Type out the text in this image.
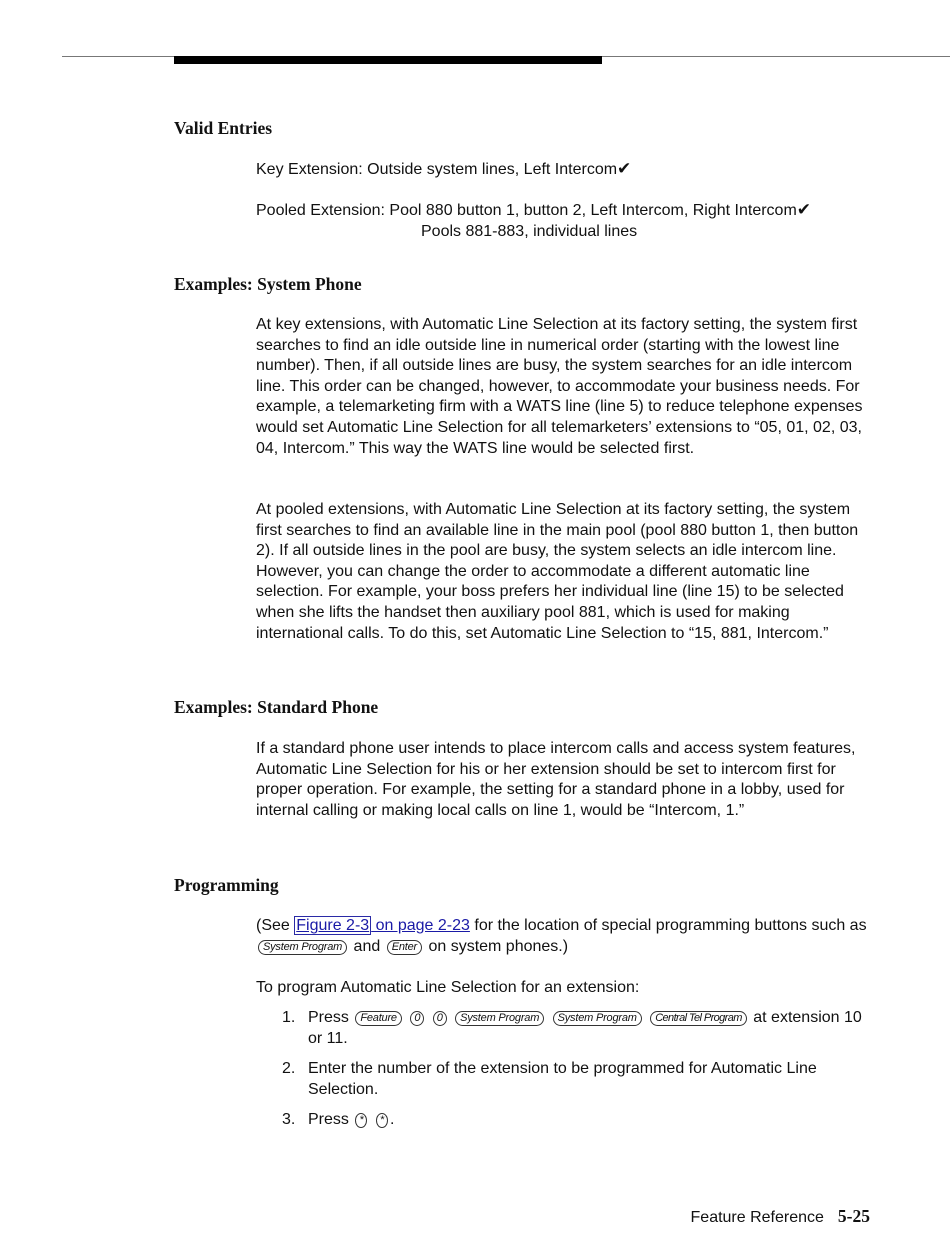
Valid Entries
Key Extension: Outside system lines, Left Intercom✔
Pooled Extension: Pool 880 button 1, button 2, Left Intercom, Right Intercom✔
Pools 881-883, individual lines
Examples: System Phone
At key extensions, with Automatic Line Selection at its factory setting, the system first searches to find an idle outside line in numerical order (starting with the lowest line number). Then, if all outside lines are busy, the system searches for an idle intercom line. This order can be changed, however, to accommodate your business needs. For example, a telemarketing firm with a WATS line (line 5) to reduce telephone expenses would set Automatic Line Selection for all telemarketers’ extensions to “05, 01, 02, 03, 04, Intercom.” This way the WATS line would be selected first.
At pooled extensions, with Automatic Line Selection at its factory setting, the system first searches to find an available line in the main pool (pool 880 button 1, then button 2). If all outside lines in the pool are busy, the system selects an idle intercom line. However, you can change the order to accommodate a different automatic line selection. For example, your boss prefers her individual line (line 15) to be selected when she lifts the handset then auxiliary pool 881, which is used for making international calls. To do this, set Automatic Line Selection to “15, 881, Intercom.”
Examples: Standard Phone
If a standard phone user intends to place intercom calls and access system features, Automatic Line Selection for his or her extension should be set to intercom first for proper operation. For example, the setting for a standard phone in a lobby, used for internal calling or making local calls on line 1, would be “Intercom, 1.”
Programming
(See Figure 2-3 on page 2-23 for the location of special programming buttons such as System Program and Enter on system phones.)
To program Automatic Line Selection for an extension:
1. Press Feature 0 0 System Program System Program Central Tel Program at extension 10 or 11.
2. Enter the number of the extension to be programmed for Automatic Line Selection.
3. Press * * .
Feature Reference 5-25
